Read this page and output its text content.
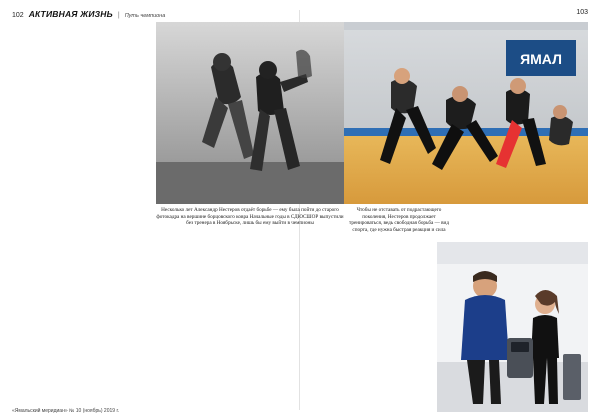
102 АКТИВНАЯ ЖИЗНЬ | Путь чемпиона	103
ЯМАЛ
Несколько лет Александр Нестеров отдаёт борьбе — ему была пойти до старого фотокадра на вершине борцовского ковра Начальные годы в СДЮСШОР выпустили без тренера в Ноябрьске, лишь бы ему выйти в чемпионы
Чтобы не отставать от подрастающего поколения, Нестеров продолжает тренироваться, ведь свободная борьба — вид спорта, где нужна быстрая реакция и сила
«Ямальский меридиан» № 10 (ноябрь) 2019 г.
